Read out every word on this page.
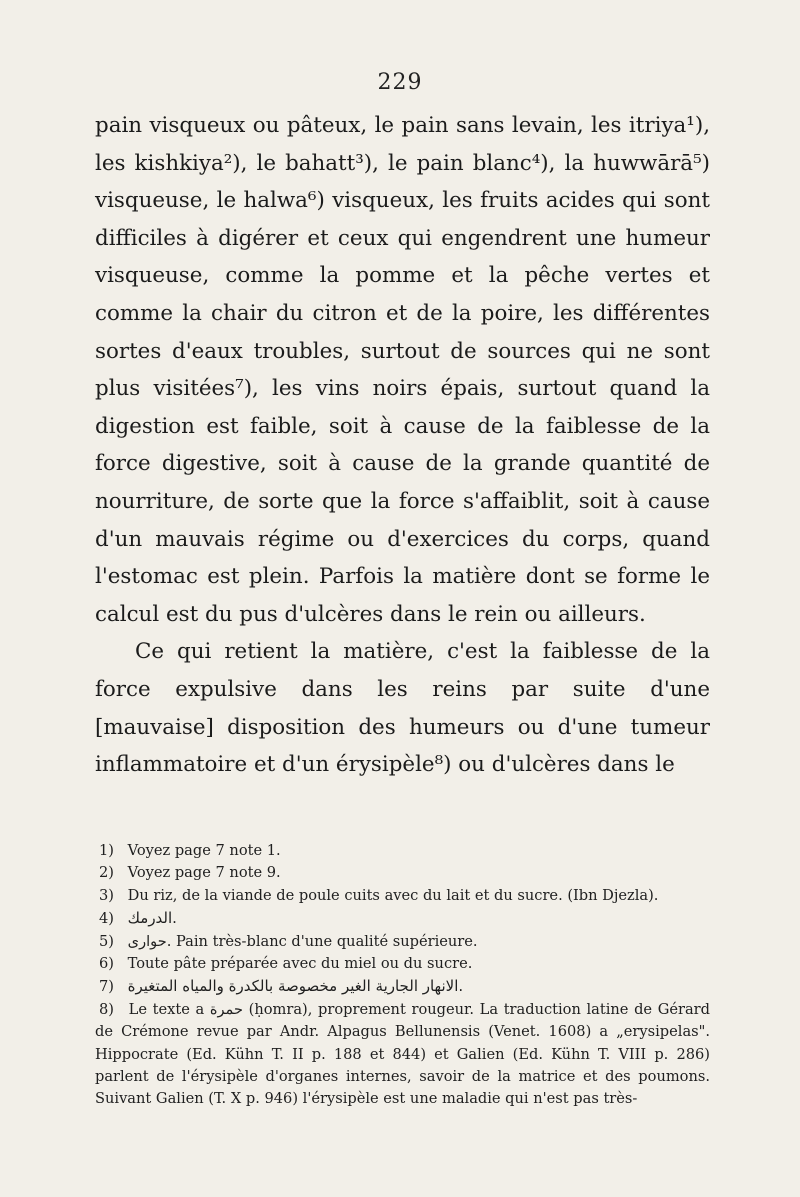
229

pain visqueux ou pâteux, le pain sans levain, les itriya¹), les kishkiya²), le bahatt³), le pain blanc⁴), la huwwārā⁵) visqueuse, le halwa⁶) visqueux, les fruits acides qui sont difficiles à digérer et ceux qui engendrent une humeur visqueuse, comme la pomme et la pêche vertes et comme la chair du citron et de la poire, les différentes sortes d'eaux troubles, surtout de sources qui ne sont plus visitées⁷), les vins noirs épais, surtout quand la digestion est faible, soit à cause de la faiblesse de la force digestive, soit à cause de la grande quantité de nourriture, de sorte que la force s'affaiblit, soit à cause d'un mauvais régime ou d'exercices du corps, quand l'estomac est plein. Parfois la matière dont se forme le calcul est du pus d'ulcères dans le rein ou ailleurs.

Ce qui retient la matière, c'est la faiblesse de la force expulsive dans les reins par suite d'une [mauvaise] disposition des humeurs ou d'une tumeur inflammatoire et d'un érysipèle⁸) ou d'ulcères dans le

1) Voyez page 7 note 1.

2) Voyez page 7 note 9.

3) Du riz, de la viande de poule cuits avec du lait et du sucre. (Ibn Djezla).

4) الدرمك.

5) حوارى. Pain très-blanc d'une qualité supérieure.

6) Toute pâte préparée avec du miel ou du sucre.

7) الانهار الجارية الغير مخصوصة بالكدرة والمياه المتغيرة.

8) Le texte a حمرة (ḥomra), proprement rougeur. La traduction latine de Gérard de Crémone revue par Andr. Alpagus Bellunensis (Venet. 1608) a „erysipelas". Hippocrate (Ed. Kühn T. II p. 188 et 844) et Galien (Ed. Kühn T. VIII p. 286) parlent de l'érysipèle d'organes internes, savoir de la matrice et des poumons. Suivant Galien (T. X p. 946) l'érysipèle est une maladie qui n'est pas très-
